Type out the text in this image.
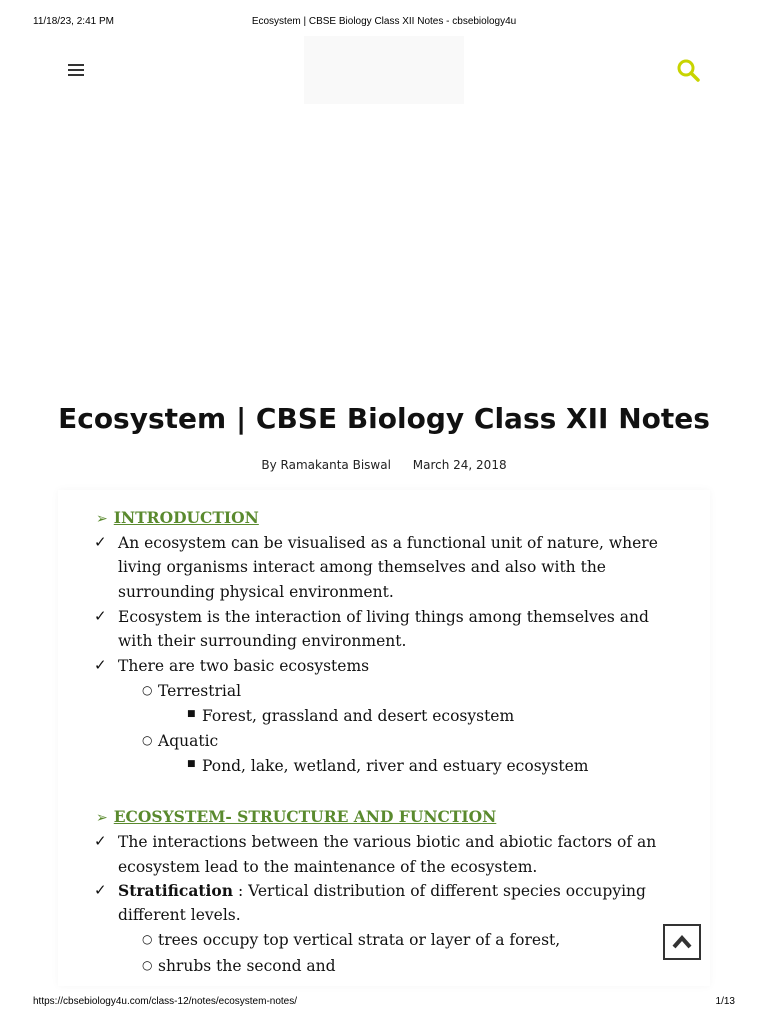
11/18/23, 2:41 PM	Ecosystem | CBSE Biology Class XII Notes - cbsebiology4u
Ecosystem | CBSE Biology Class XII Notes
By Ramakanta Biswal March 24, 2018
➢ INTRODUCTION
✓ An ecosystem can be visualised as a functional unit of nature, where
living organisms interact among themselves and also with the
surrounding physical environment.
✓ Ecosystem is the interaction of living things among themselves and
with their surrounding environment.
✓ There are two basic ecosystems
○ Terrestrial
■ Forest, grassland and desert ecosystem
○ Aquatic
■ Pond, lake, wetland, river and estuary ecosystem
➢ ECOSYSTEM- STRUCTURE AND FUNCTION
✓ The interactions between the various biotic and abiotic factors of an
ecosystem lead to the maintenance of the ecosystem.
✓ Stratification : Vertical distribution of different species occupying
different levels.
○ trees occupy top vertical strata or layer of a forest,
○ shrubs the second and
https://cbsebiology4u.com/class-12/notes/ecosystem-notes/	1/13
